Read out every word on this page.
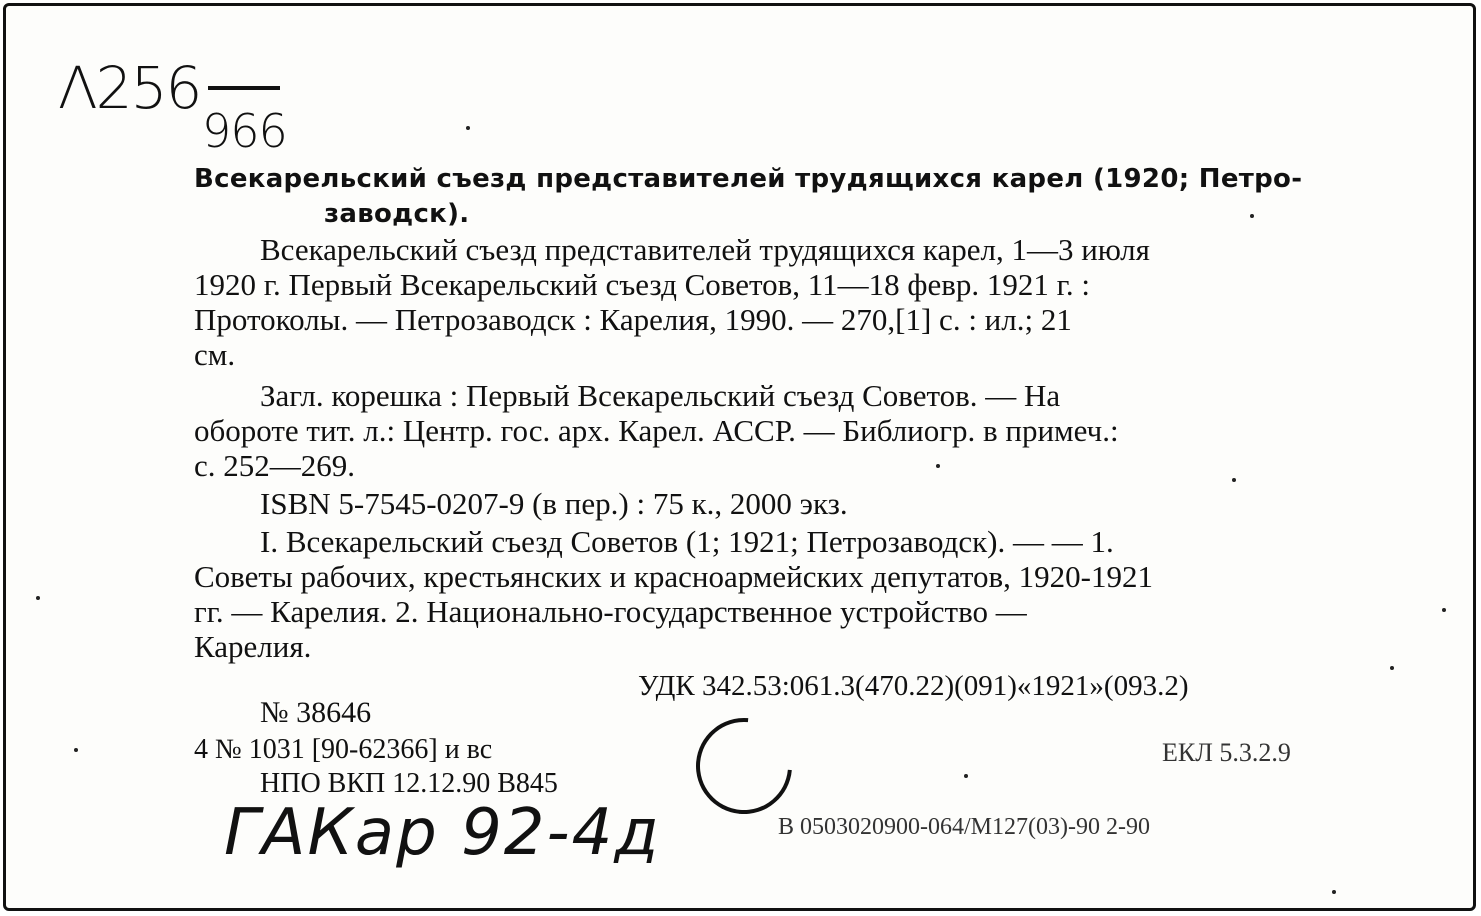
Λ256
966
Всекарельский съезд представителей трудящихся карел (1920; Петро-
заводск).
Всекарельский съезд представителей трудящихся карел, 1—3 июля
1920 г. Первый Всекарельский съезд Советов, 11—18 февр. 1921 г. :
Протоколы. — Петрозаводск : Карелия, 1990. — 270,[1] с. : ил.; 21
см.
Загл. корешка : Первый Всекарельский съезд Советов. — На
обороте тит. л.: Центр. гос. арх. Карел. АССР. — Библиогр. в примеч.:
с. 252—269.
ISBN 5-7545-0207-9 (в пер.) : 75 к., 2000 экз.
I. Всекарельский съезд Советов (1; 1921; Петрозаводск). — — 1.
Советы рабочих, крестьянских и красноармейских депутатов, 1920-1921
гг. — Карелия. 2. Национально-государственное устройство —
Карелия.
УДК 342.53:061.3(470.22)(091)«1921»(093.2)
№ 38646
4 № 1031 [90-62366] и вс
НПО ВКП 12.12.90 В845
ЕКЛ 5.3.2.9
В 0503020900-064/М127(03)-90 2-90
ГАКар 92-4д
